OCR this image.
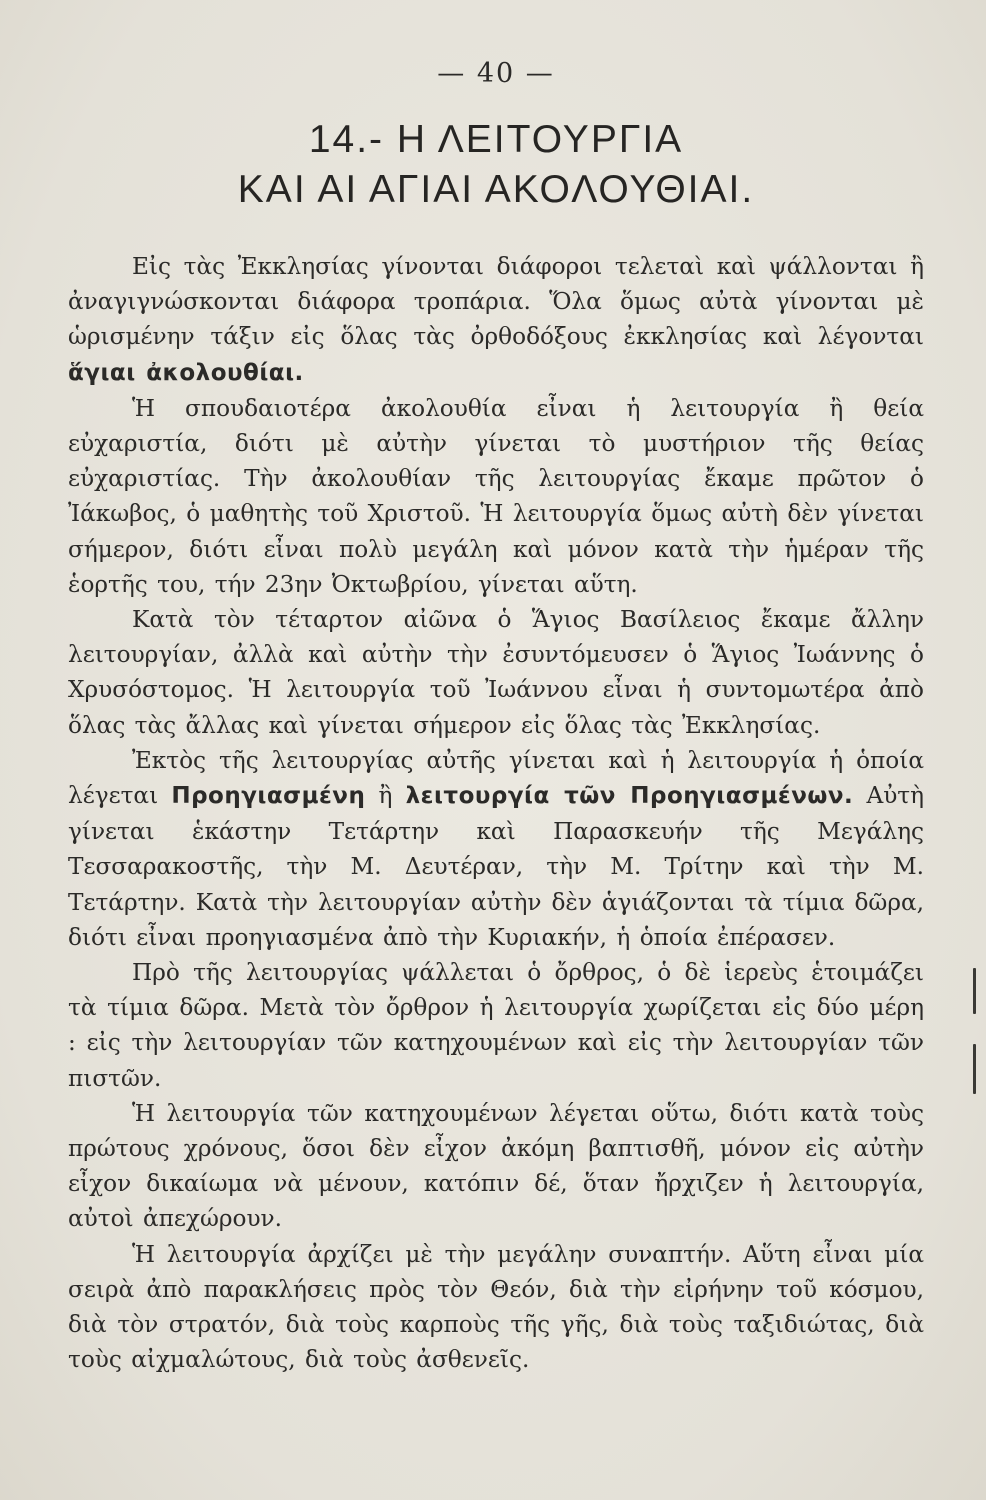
— 40 —
14.- Η ΛΕΙΤΟΥΡΓΙΑ
ΚΑΙ ΑΙ ΑΓΙΑΙ ΑΚΟΛΟΥΘΙΑΙ.

Εἰς τὰς Ἐκκλησίας γίνονται διάφοροι τελεταὶ καὶ ψάλλονται ἢ ἀναγιγνώσκονται διάφορα τροπάρια. Ὅλα ὅμως αὐτὰ γίνονται μὲ ὡρισμένην τάξιν εἰς ὅλας τὰς ὀρθοδόξους ἐκκλησίας καὶ λέγονται ἅγιαι ἀκολουθίαι.

Ἡ σπουδαιοτέρα ἀκολουθία εἶναι ἡ λειτουργία ἢ θεία εὐχαριστία, διότι μὲ αὐτὴν γίνεται τὸ μυστήριον τῆς θείας εὐχαριστίας. Τὴν ἀκολουθίαν τῆς λειτουργίας ἔκαμε πρῶτον ὁ Ἰάκωβος, ὁ μαθητὴς τοῦ Χριστοῦ. Ἡ λειτουργία ὅμως αὐτὴ δὲν γίνεται σήμερον, διότι εἶναι πολὺ μεγάλη καὶ μόνον κατὰ τὴν ἡμέραν τῆς ἑορτῆς του, τήν 23ην Ὀκτωβρίου, γίνεται αὕτη.

Κατὰ τὸν τέταρτον αἰῶνα ὁ Ἅγιος Βασίλειος ἔκαμε ἄλλην λειτουργίαν, ἀλλὰ καὶ αὐτὴν τὴν ἐσυντόμευσεν ὁ Ἅγιος Ἰωάννης ὁ Χρυσόστομος. Ἡ λειτουργία τοῦ Ἰωάννου εἶναι ἡ συντομωτέρα ἀπὸ ὅλας τὰς ἄλλας καὶ γίνεται σήμερον εἰς ὅλας τὰς Ἐκκλησίας.

Ἐκτὸς τῆς λειτουργίας αὐτῆς γίνεται καὶ ἡ λειτουργία ἡ ὁποία λέγεται Προηγιασμένη ἢ λειτουργία τῶν Προηγιασμένων. Αὐτὴ γίνεται ἑκάστην Τετάρτην καὶ Παρασκευήν τῆς Μεγάλης Τεσσαρακοστῆς, τὴν Μ. Δευτέραν, τὴν Μ. Τρίτην καὶ τὴν Μ. Τετάρτην. Κατὰ τὴν λειτουργίαν αὐτὴν δὲν ἁγιάζονται τὰ τίμια δῶρα, διότι εἶναι προηγιασμένα ἀπὸ τὴν Κυριακήν, ἡ ὁποία ἐπέρασεν.

Πρὸ τῆς λειτουργίας ψάλλεται ὁ ὄρθρος, ὁ δὲ ἱερεὺς ἑτοιμάζει τὰ τίμια δῶρα. Μετὰ τὸν ὄρθρον ἡ λειτουργία χωρίζεται εἰς δύο μέρη : εἰς τὴν λειτουργίαν τῶν κατηχουμένων καὶ εἰς τὴν λειτουργίαν τῶν πιστῶν.

Ἡ λειτουργία τῶν κατηχουμένων λέγεται οὕτω, διότι κατὰ τοὺς πρώτους χρόνους, ὅσοι δὲν εἶχον ἀκόμη βαπτισθῆ, μόνον εἰς αὐτὴν εἶχον δικαίωμα νὰ μένουν, κατόπιν δέ, ὅταν ἤρχιζεν ἡ λειτουργία, αὐτοὶ ἀπεχώρουν.

Ἡ λειτουργία ἀρχίζει μὲ τὴν μεγάλην συναπτήν. Αὕτη εἶναι μία σειρὰ ἀπὸ παρακλήσεις πρὸς τὸν Θεόν, διὰ τὴν εἰρήνην τοῦ κόσμου, διὰ τὸν στρατόν, διὰ τοὺς καρποὺς τῆς γῆς, διὰ τοὺς ταξιδιώτας, διὰ τοὺς αἰχμαλώτους, διὰ τοὺς ἀσθενεῖς.
